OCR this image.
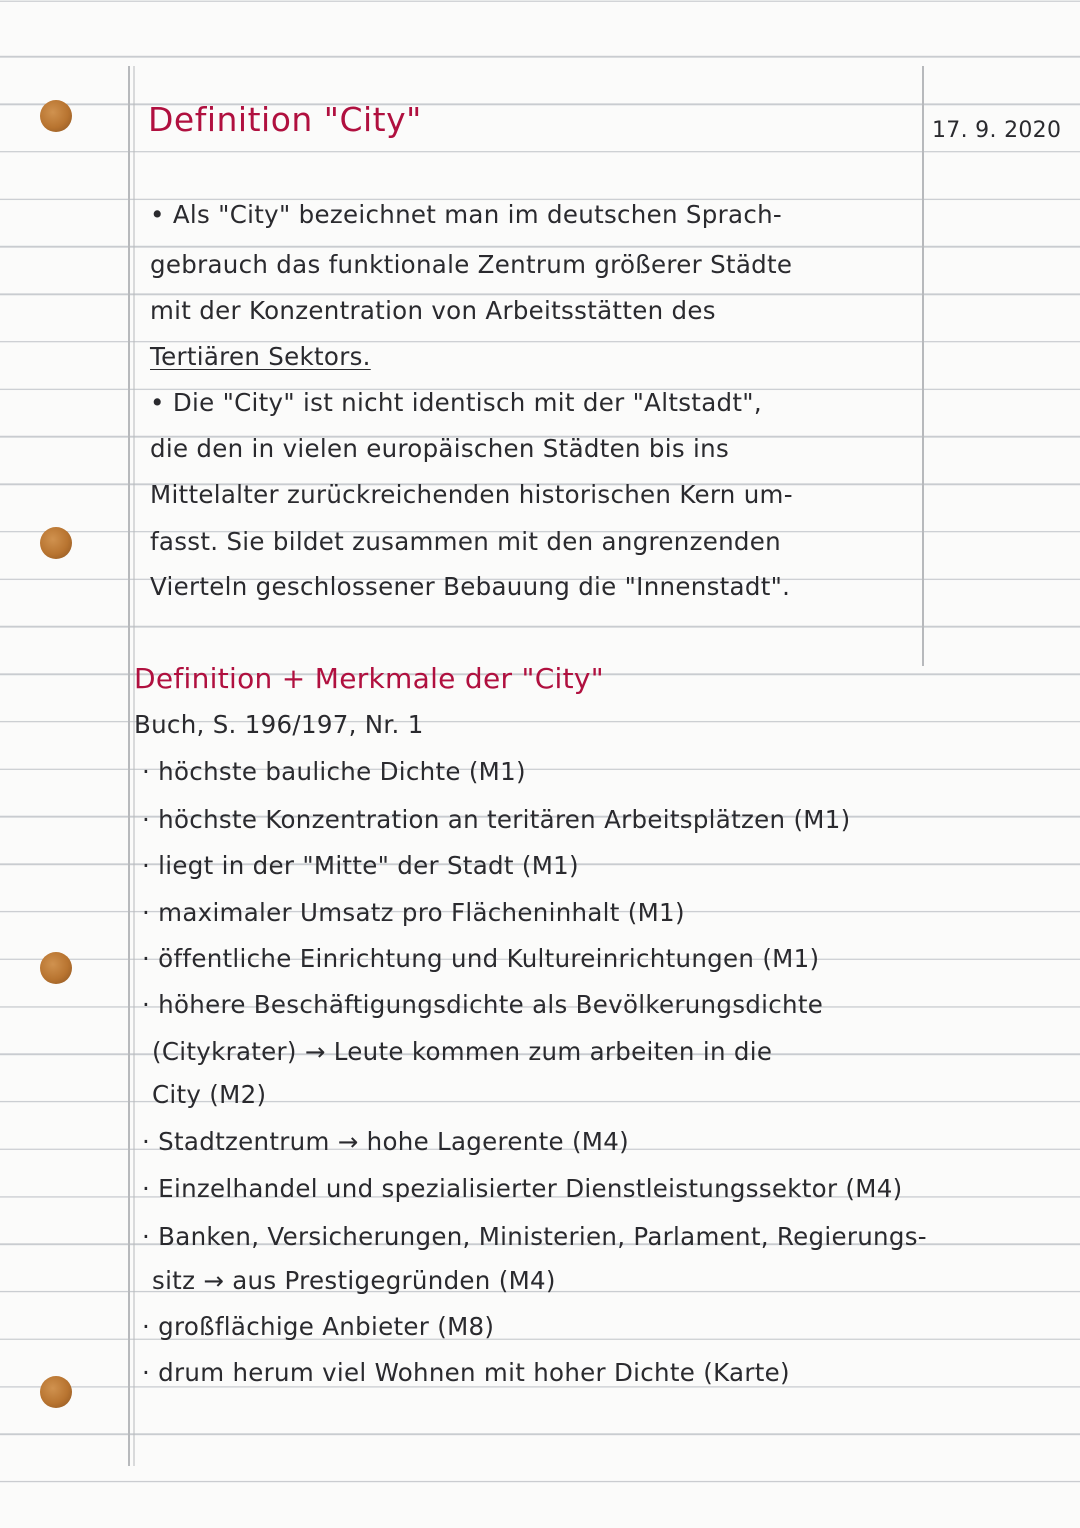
Definition "City"	17. 9. 2020
• Als "City" bezeichnet man im deutschen Sprach-
gebrauch das funktionale Zentrum größerer Städte
mit der Konzentration von Arbeitsstätten des
Tertiären Sektors.
• Die "City" ist nicht identisch mit der "Altstadt",
die den in vielen europäischen Städten bis ins
Mittelalter zurückreichenden historischen Kern um-
fasst. Sie bildet zusammen mit den angrenzenden
Vierteln geschlossener Bebauung die "Innenstadt".
Definition + Merkmale der "City"
Buch, S. 196/197, Nr. 1
· höchste bauliche Dichte (M1)
· höchste Konzentration an teritären Arbeitsplätzen (M1)
· liegt in der "Mitte" der Stadt (M1)
· maximaler Umsatz pro Flächeninhalt (M1)
· öffentliche Einrichtung und Kultureinrichtungen (M1)
· höhere Beschäftigungsdichte als Bevölkerungsdichte
(Citykrater) → Leute kommen zum arbeiten in die
City (M2)
· Stadtzentrum → hohe Lagerente (M4)
· Einzelhandel und spezialisierter Dienstleistungssektor (M4)
· Banken, Versicherungen, Ministerien, Parlament, Regierungs-
sitz → aus Prestigegründen (M4)
· großflächige Anbieter (M8)
· drum herum viel Wohnen mit hoher Dichte (Karte)
